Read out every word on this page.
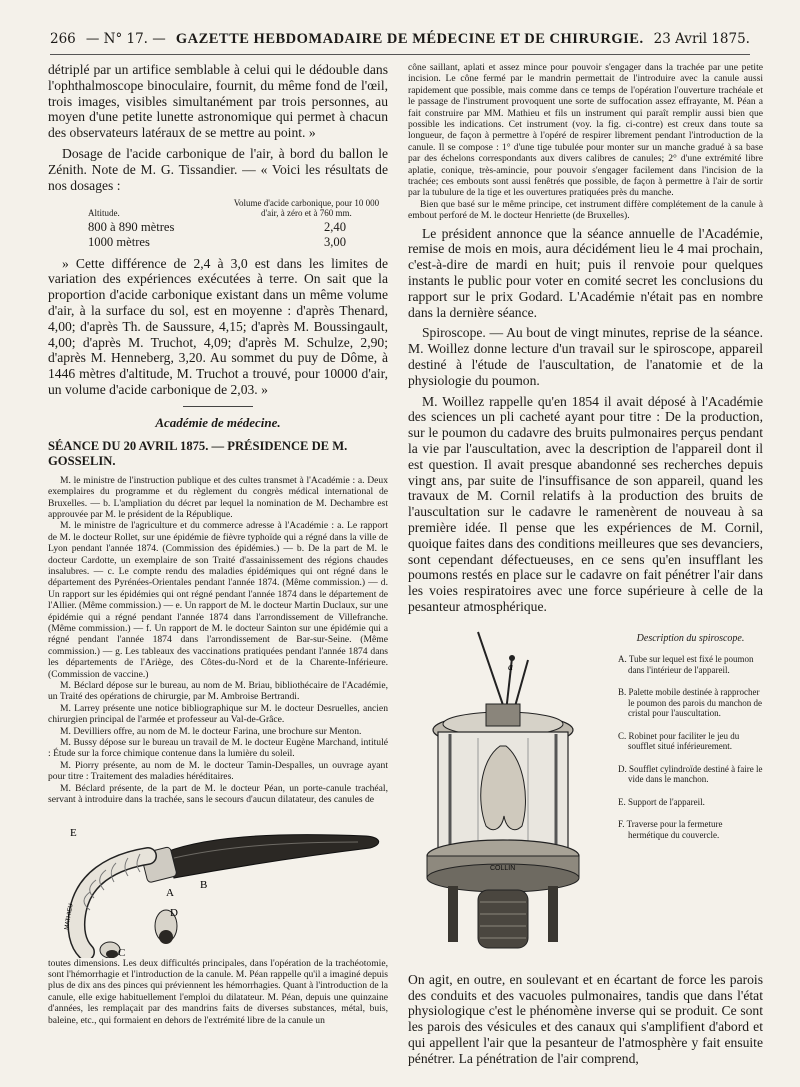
266 — N° 17. — GAZETTE HEBDOMADAIRE DE MÉDECINE ET DE CHIRURGIE. 23 Avril 1875.

détriplé par un artifice semblable à celui qui le dédouble dans l'ophthalmoscope binoculaire, fournit, du même fond de l'œil, trois images, visibles simultanément par trois personnes, au moyen d'une petite lunette astronomique qui permet à chacun des observateurs latéraux de se mettre au point. »

Dosage de l'acide carbonique de l'air, à bord du ballon le Zénith. Note de M. G. Tissandier. — « Voici les résultats de nos dosages :

Altitude.	Volume d'acide carbonique, pour 10 000 d'air, à zéro et à 760 mm.
800 à 890 mètres	2,40
1000 mètres	3,00

» Cette différence de 2,4 à 3,0 est dans les limites de variation des expériences exécutées à terre. On sait que la proportion d'acide carbonique existant dans un même volume d'air, à la surface du sol, est en moyenne : d'après Thenard, 4,00; d'après Th. de Saussure, 4,15; d'après M. Boussingault, 4,00; d'après M. Truchot, 4,09; d'après M. Schulze, 2,90; d'après M. Henneberg, 3,20. Au sommet du puy de Dôme, à 1446 mètres d'altitude, M. Truchot a trouvé, pour 10000 d'air, un volume d'acide carbonique de 2,03. »

Académie de médecine.
SÉANCE DU 20 AVRIL 1875. — PRÉSIDENCE DE M. GOSSELIN.

M. le ministre de l'instruction publique et des cultes transmet à l'Académie : a. Deux exemplaires du programme et du règlement du congrès médical international de Bruxelles. — b. L'ampliation du décret par lequel la nomination de M. Dechambre est approuvée par M. le président de la République.

M. le ministre de l'agriculture et du commerce adresse à l'Académie : a. Le rapport de M. le docteur Rollet, sur une épidémie de fièvre typhoïde qui a régné dans la ville de Lyon pendant l'année 1874. (Commission des épidémies.) — b. De la part de M. le docteur Cardotte, un exemplaire de son Traité d'assainissement des régions chaudes insalubres. — c. Le compte rendu des maladies épidémiques qui ont régné dans le département des Pyrénées-Orientales pendant l'année 1874. (Même commission.) — d. Un rapport sur les épidémies qui ont régné pendant l'année 1874 dans le département de l'Allier. (Même commission.) — e. Un rapport de M. le docteur Martin Duclaux, sur une épidémie qui a régné pendant l'année 1874 dans l'arrondissement de Villefranche. (Même commission.) — f. Un rapport de M. le docteur Sainton sur une épidémie qui a régné pendant l'année 1874 dans l'arrondissement de Bar-sur-Seine. (Même commission.) — g. Les tableaux des vaccinations pratiquées pendant l'année 1874 dans les départements de l'Ariège, des Côtes-du-Nord et de la Charente-Inférieure. (Commission de vaccine.)

M. Béclard dépose sur le bureau, au nom de M. Briau, bibliothécaire de l'Académie, un Traité des opérations de chirurgie, par M. Ambroise Bertrandi.

M. Larrey présente une notice bibliographique sur M. le docteur Desruelles, ancien chirurgien principal de l'armée et professeur au Val-de-Grâce.

M. Devilliers offre, au nom de M. le docteur Farina, une brochure sur Menton.

M. Bussy dépose sur le bureau un travail de M. le docteur Eugène Marchand, intitulé : Étude sur la force chimique contenue dans la lumière du soleil.

M. Piorry présente, au nom de M. le docteur Tamin-Despalles, un ouvrage ayant pour titre : Traitement des maladies héréditaires.

M. Béclard présente, de la part de M. le docteur Péan, un porte-canule trachéal, servant à introduire dans la trachée, sans le secours d'aucun dilatateur, des canules de

E
A
B
D
C
MATHIEU

toutes dimensions. Les deux difficultés principales, dans l'opération de la trachéotomie, sont l'hémorrhagie et l'introduction de la canule. M. Péan rappelle qu'il a imaginé depuis plus de dix ans des pinces qui préviennent les hémorrhagies. Quant à l'introduction de la canule, elle exige habituellement l'emploi du dilatateur. M. Péan, depuis une quinzaine d'années, les remplaçait par des mandrins faits de diverses substances, métal, buis, baleine, etc., qui formaient en dehors de l'extrémité libre de la canule un

cône saillant, aplati et assez mince pour pouvoir s'engager dans la trachée par une petite incision. Le cône fermé par le mandrin permettait de l'introduire avec la canule aussi rapidement que possible, mais comme dans ce temps de l'opération l'ouverture trachéale et le passage de l'instrument provoquent une sorte de suffocation assez effrayante, M. Péan a fait construire par MM. Mathieu et fils un instrument qui paraît remplir aussi bien que possible les indications. Cet instrument (voy. la fig. ci-contre) est creux dans toute sa longueur, de façon à permettre à l'opéré de respirer librement pendant l'introduction de la canule. Il se compose : 1° d'une tige tubulée pour monter sur un manche gradué à sa base par des échelons correspondants aux divers calibres de canules; 2° d'une extrémité libre aplatie, conique, très-amincie, pour pouvoir s'engager facilement dans l'incision de la trachée; ces embouts sont aussi fenêtrés que possible, de façon à permettre à l'air de sortir par la tubulure de la tige et les ouvertures pratiquées près du manche.

Bien que basé sur le même principe, cet instrument diffère complétement de la canule à embout perforé de M. le docteur Henriette (de Bruxelles).

Le président annonce que la séance annuelle de l'Académie, remise de mois en mois, aura décidément lieu le 4 mai prochain, c'est-à-dire de mardi en huit; puis il renvoie pour quelques instants le public pour voter en comité secret les conclusions du rapport sur le prix Godard. L'Académie n'était pas en nombre dans la dernière séance.

Spiroscope. — Au bout de vingt minutes, reprise de la séance. M. Woillez donne lecture d'un travail sur le spiroscope, appareil destiné à l'étude de l'auscultation, de l'anatomie et de la physiologie du poumon.

M. Woillez rappelle qu'en 1854 il avait déposé à l'Académie des sciences un pli cacheté ayant pour titre : De la production, sur le poumon du cadavre des bruits pulmonaires perçus pendant la vie par l'auscultation, avec la description de l'appareil dont il est question. Il avait presque abandonné ses recherches depuis vingt ans, par suite de l'insuffisance de son appareil, quand les travaux de M. Cornil relatifs à la production des bruits de l'auscultation sur le cadavre le ramenèrent de nouveau à sa première idée. Il pense que les expériences de M. Cornil, quoique faites dans des conditions meilleures que ses devanciers, sont cependant défectueuses, en ce sens qu'en insufflant les poumons restés en place sur le cadavre on fait pénétrer l'air dans les voies respiratoires avec une force supérieure à celle de la pesanteur atmosphérique.

COLLIN
a
Description du spiroscope.
A. Tube sur lequel est fixé le poumon dans l'intérieur de l'appareil.
B. Palette mobile destinée à rapprocher le poumon des parois du manchon de cristal pour l'auscultation.
C. Robinet pour faciliter le jeu du soufflet situé inférieurement.
D. Soufflet cylindroïde destiné à faire le vide dans le manchon.
E. Support de l'appareil.
F. Traverse pour la fermeture hermétique du couvercle.

On agit, en outre, en soulevant et en écartant de force les parois des conduits et des vacuoles pulmonaires, tandis que dans l'état physiologique c'est le phénomène inverse qui se produit. Ce sont les parois des vésicules et des canaux qui s'amplifient d'abord et qui appellent l'air que la pesanteur de l'atmosphère y fait ensuite pénétrer. La pénétration de l'air comprend,
